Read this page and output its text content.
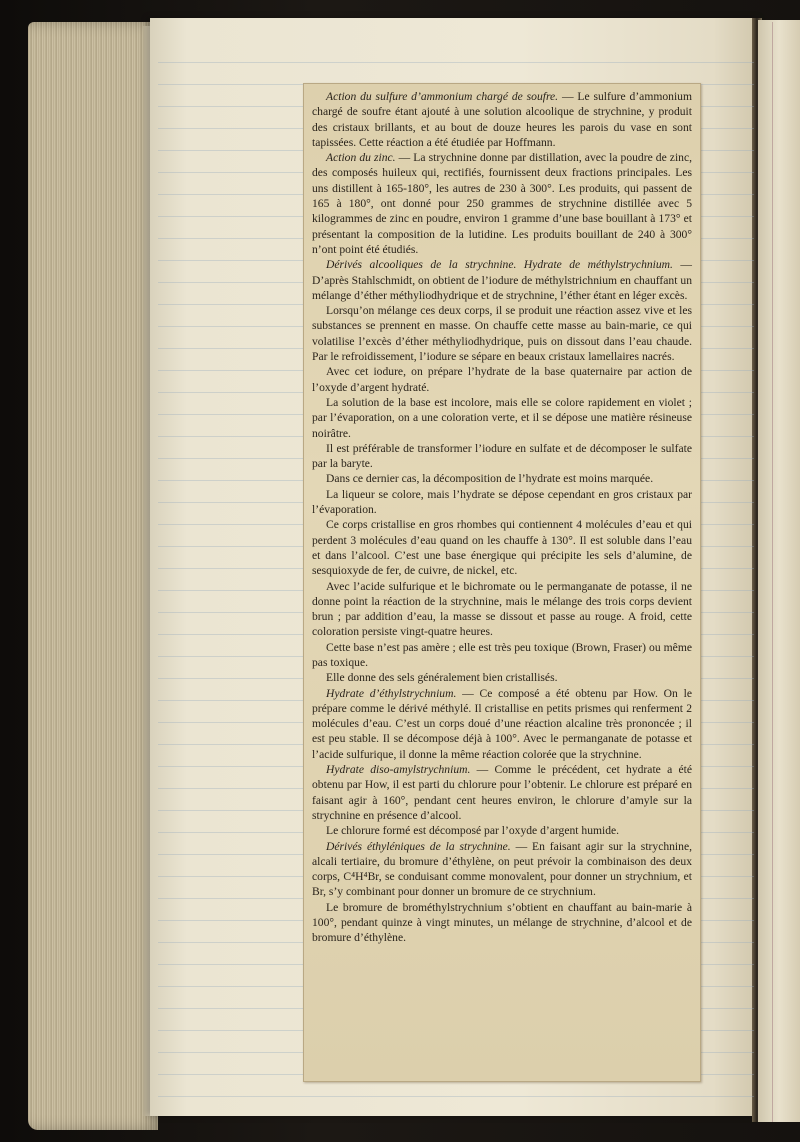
Action du sulfure d’ammonium chargé de soufre. — Le sulfure d’ammonium chargé de soufre étant ajouté à une solution alcoolique de strychnine, y produit des cristaux brillants, et au bout de douze heures les parois du vase en sont tapissées. Cette réaction a été étudiée par Hoffmann.

Action du zinc. — La strychnine donne par distillation, avec la poudre de zinc, des composés huileux qui, rectifiés, fournissent deux fractions principales. Les uns distillent à 165-180°, les autres de 230 à 300°. Les produits, qui passent de 165 à 180°, ont donné pour 250 grammes de strychnine distillée avec 5 kilogrammes de zinc en poudre, environ 1 gramme d’une base bouillant à 173° et présentant la composition de la lutidine. Les produits bouillant de 240 à 300° n’ont point été étudiés.

Dérivés alcooliques de la strychnine. Hydrate de méthylstrychnium. — D’après Stahlschmidt, on obtient de l’iodure de méthylstrichnium en chauffant un mélange d’éther méthyliodhydrique et de strychnine, l’éther étant en léger excès.

Lorsqu’on mélange ces deux corps, il se produit une réaction assez vive et les substances se prennent en masse. On chauffe cette masse au bain-marie, ce qui volatilise l’excès d’éther méthyliodhydrique, puis on dissout dans l’eau chaude. Par le refroidissement, l’iodure se sépare en beaux cristaux lamellaires nacrés.

Avec cet iodure, on prépare l’hydrate de la base quaternaire par action de l’oxyde d’argent hydraté.

La solution de la base est incolore, mais elle se colore rapidement en violet ; par l’évaporation, on a une coloration verte, et il se dépose une matière résineuse noirâtre.

Il est préférable de transformer l’iodure en sulfate et de décomposer le sulfate par la baryte.

Dans ce dernier cas, la décomposition de l’hydrate est moins marquée.

La liqueur se colore, mais l’hydrate se dépose cependant en gros cristaux par l’évaporation.

Ce corps cristallise en gros rhombes qui contiennent 4 molécules d’eau et qui perdent 3 molécules d’eau quand on les chauffe à 130°. Il est soluble dans l’eau et dans l’alcool. C’est une base énergique qui précipite les sels d’alumine, de sesquioxyde de fer, de cuivre, de nickel, etc.

Avec l’acide sulfurique et le bichromate ou le permanganate de potasse, il ne donne point la réaction de la strychnine, mais le mélange des trois corps devient brun ; par addition d’eau, la masse se dissout et passe au rouge. A froid, cette coloration persiste vingt-quatre heures.

Cette base n’est pas amère ; elle est très peu toxique (Brown, Fraser) ou même pas toxique.

Elle donne des sels généralement bien cristallisés.

Hydrate d’éthylstrychnium. — Ce composé a été obtenu par How. On le prépare comme le dérivé méthylé. Il cristallise en petits prismes qui renferment 2 molécules d’eau. C’est un corps doué d’une réaction alcaline très prononcée ; il est peu stable. Il se décompose déjà à 100°. Avec le permanganate de potasse et l’acide sulfurique, il donne la même réaction colorée que la strychnine.

Hydrate diso-amylstrychnium. — Comme le précédent, cet hydrate a été obtenu par How, il est parti du chlorure pour l’obtenir. Le chlorure est préparé en faisant agir à 160°, pendant cent heures environ, le chlorure d’amyle sur la strychnine en présence d’alcool.

Le chlorure formé est décomposé par l’oxyde d’argent humide.

Dérivés éthyléniques de la strychnine. — En faisant agir sur la strychnine, alcali tertiaire, du bromure d’éthylène, on peut prévoir la combinaison des deux corps, C⁴H⁴Br, se conduisant comme monovalent, pour donner un strychnium, et Br, s’y combinant pour donner un bromure de ce strychnium.

Le bromure de brométhylstrychnium s’obtient en chauffant au bain-marie à 100°, pendant quinze à vingt minutes, un mélange de strychnine, d’alcool et de bromure d’éthylène.
